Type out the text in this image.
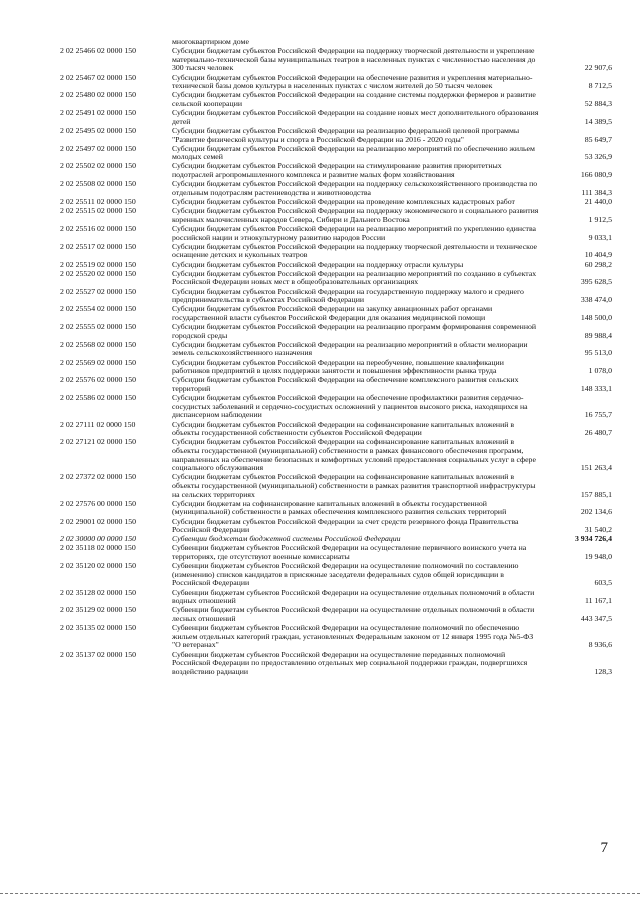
многоквартирном доме
2 02 25466 02 0000 150	Субсидии бюджетам субъектов Российской Федерации на поддержку творческой деятельности и укрепление материально-технической базы муниципальных театров в населенных пунктах с численностью населения до 300 тысяч человек	22 907,6
2 02 25467 02 0000 150	Субсидии бюджетам субъектов Российской Федерации на обеспечение развития и укрепления материально-технической базы домов культуры в населенных пунктах с числом жителей до 50 тысяч человек	8 712,5
2 02 25480 02 0000 150	Субсидии бюджетам субъектов Российской Федерации на создание системы поддержки фермеров и развитие сельской кооперации	52 884,3
2 02 25491 02 0000 150	Субсидии бюджетам субъектов Российской Федерации на создание новых мест дополнительного образования детей	14 389,5
2 02 25495 02 0000 150	Субсидии бюджетам субъектов Российской Федерации на реализацию федеральной целевой программы "Развитие физической культуры и спорта в Российской Федерации на 2016 - 2020 годы"	85 649,7
2 02 25497 02 0000 150	Субсидии бюджетам субъектов Российской Федерации на реализацию мероприятий по обеспечению жильем молодых семей	53 326,9
2 02 25502 02 0000 150	Субсидии бюджетам субъектов Российской Федерации на стимулирование развития приоритетных подотраслей агропромышленного комплекса и развитие малых форм хозяйствования	166 080,9
2 02 25508 02 0000 150	Субсидии бюджетам субъектов Российской Федерации на поддержку сельскохозяйственного производства по отдельным подотраслям растениеводства и животноводства	111 384,3
2 02 25511 02 0000 150	Субсидии бюджетам субъектов Российской Федерации на проведение комплексных кадастровых работ	21 440,0
2 02 25515 02 0000 150	Субсидии бюджетам субъектов Российской Федерации на поддержку экономического и социального развития коренных малочисленных народов Севера, Сибири и Дальнего Востока	1 912,5
2 02 25516 02 0000 150	Субсидии бюджетам субъектов Российской Федерации на реализацию мероприятий по укреплению единства российской нации и этнокультурному развитию народов России	9 033,1
2 02 25517 02 0000 150	Субсидии бюджетам субъектов Российской Федерации на поддержку творческой деятельности и техническое оснащение детских и кукольных театров	10 404,9
2 02 25519 02 0000 150	Субсидии бюджетам субъектов Российской Федерации на поддержку отрасли культуры	60 298,2
2 02 25520 02 0000 150	Субсидии бюджетам субъектов Российской Федерации на реализацию мероприятий по созданию в субъектах Российской Федерации новых мест в общеобразовательных организациях	395 628,5
2 02 25527 02 0000 150	Субсидии бюджетам субъектов Российской Федерации на государственную поддержку малого и среднего предпринимательства в субъектах Российской Федерации	338 474,0
2 02 25554 02 0000 150	Субсидии бюджетам субъектов Российской Федерации на закупку авиационных работ органами государственной власти субъектов Российской Федерации для оказания медицинской помощи	148 500,0
2 02 25555 02 0000 150	Субсидии бюджетам субъектов Российской Федерации на реализацию программ формирования современной городской среды	89 988,4
2 02 25568 02 0000 150	Субсидии бюджетам субъектов Российской Федерации на реализацию мероприятий в области мелиорации земель сельскохозяйственного назначения	95 513,0
2 02 25569 02 0000 150	Субсидии бюджетам субъектов Российской Федерации на переобучение, повышение квалификации работников предприятий в целях поддержки занятости и повышения эффективности рынка труда	1 078,0
2 02 25576 02 0000 150	Субсидии бюджетам субъектов Российской Федерации на обеспечение комплексного развития сельских территорий	148 333,1
2 02 25586 02 0000 150	Субсидии бюджетам субъектов Российской Федерации на обеспечение профилактики развития сердечно-сосудистых заболеваний и сердечно-сосудистых осложнений у пациентов высокого риска, находящихся на диспансерном наблюдении	16 755,7
2 02 27111 02 0000 150	Субсидии бюджетам субъектов Российской Федерации на софинансирование капитальных вложений в объекты государственной собственности субъектов Российской Федерации	26 480,7
2 02 27121 02 0000 150	Субсидии бюджетам субъектов Российской Федерации на софинансирование капитальных вложений в объекты государственной (муниципальной) собственности в рамках финансового обеспечения программ, направленных на обеспечение безопасных и комфортных условий предоставления социальных услуг в сфере социального обслуживания	151 263,4
2 02 27372 02 0000 150	Субсидии бюджетам субъектов Российской Федерации на софинансирование капитальных вложений в объекты государственной (муниципальной) собственности в рамках развития транспортной инфраструктуры на сельских территориях	157 885,1
2 02 27576 00 0000 150	Субсидии бюджетам на софинансирование капитальных вложений в объекты государственной (муниципальной) собственности в рамках обеспечения комплексного развития сельских территорий	202 134,6
2 02 29001 02 0000 150	Субсидии бюджетам субъектов Российской Федерации за счет средств резервного фонда Правительства Российской Федерации	31 540,2
2 02 30000 00 0000 150	Субвенции бюджетам бюджетной системы Российской Федерации	3 934 726,4
2 02 35118 02 0000 150	Субвенции бюджетам субъектов Российской Федерации на осуществление первичного воинского учета на территориях, где отсутствуют военные комиссариаты	19 948,0
2 02 35120 02 0000 150	Субвенции бюджетам субъектов Российской Федерации на осуществление полномочий по составлению (изменению) списков кандидатов в присяжные заседатели федеральных судов общей юрисдикции в Российской Федерации	603,5
2 02 35128 02 0000 150	Субвенции бюджетам субъектов Российской Федерации на осуществление отдельных полномочий в области водных отношений	11 167,1
2 02 35129 02 0000 150	Субвенции бюджетам субъектов Российской Федерации на осуществление отдельных полномочий в области лесных отношений	443 347,5
2 02 35135 02 0000 150	Субвенции бюджетам субъектов Российской Федерации на осуществление полномочий по обеспечению жильем отдельных категорий граждан, установленных Федеральным законом от 12 января 1995 года №5-ФЗ "О ветеранах"	8 936,6
2 02 35137 02 0000 150	Субвенции бюджетам субъектов Российской Федерации на осуществление переданных полномочий Российской Федерации по предоставлению отдельных мер социальной поддержки граждан, подвергшихся воздействию радиации	128,3
7
